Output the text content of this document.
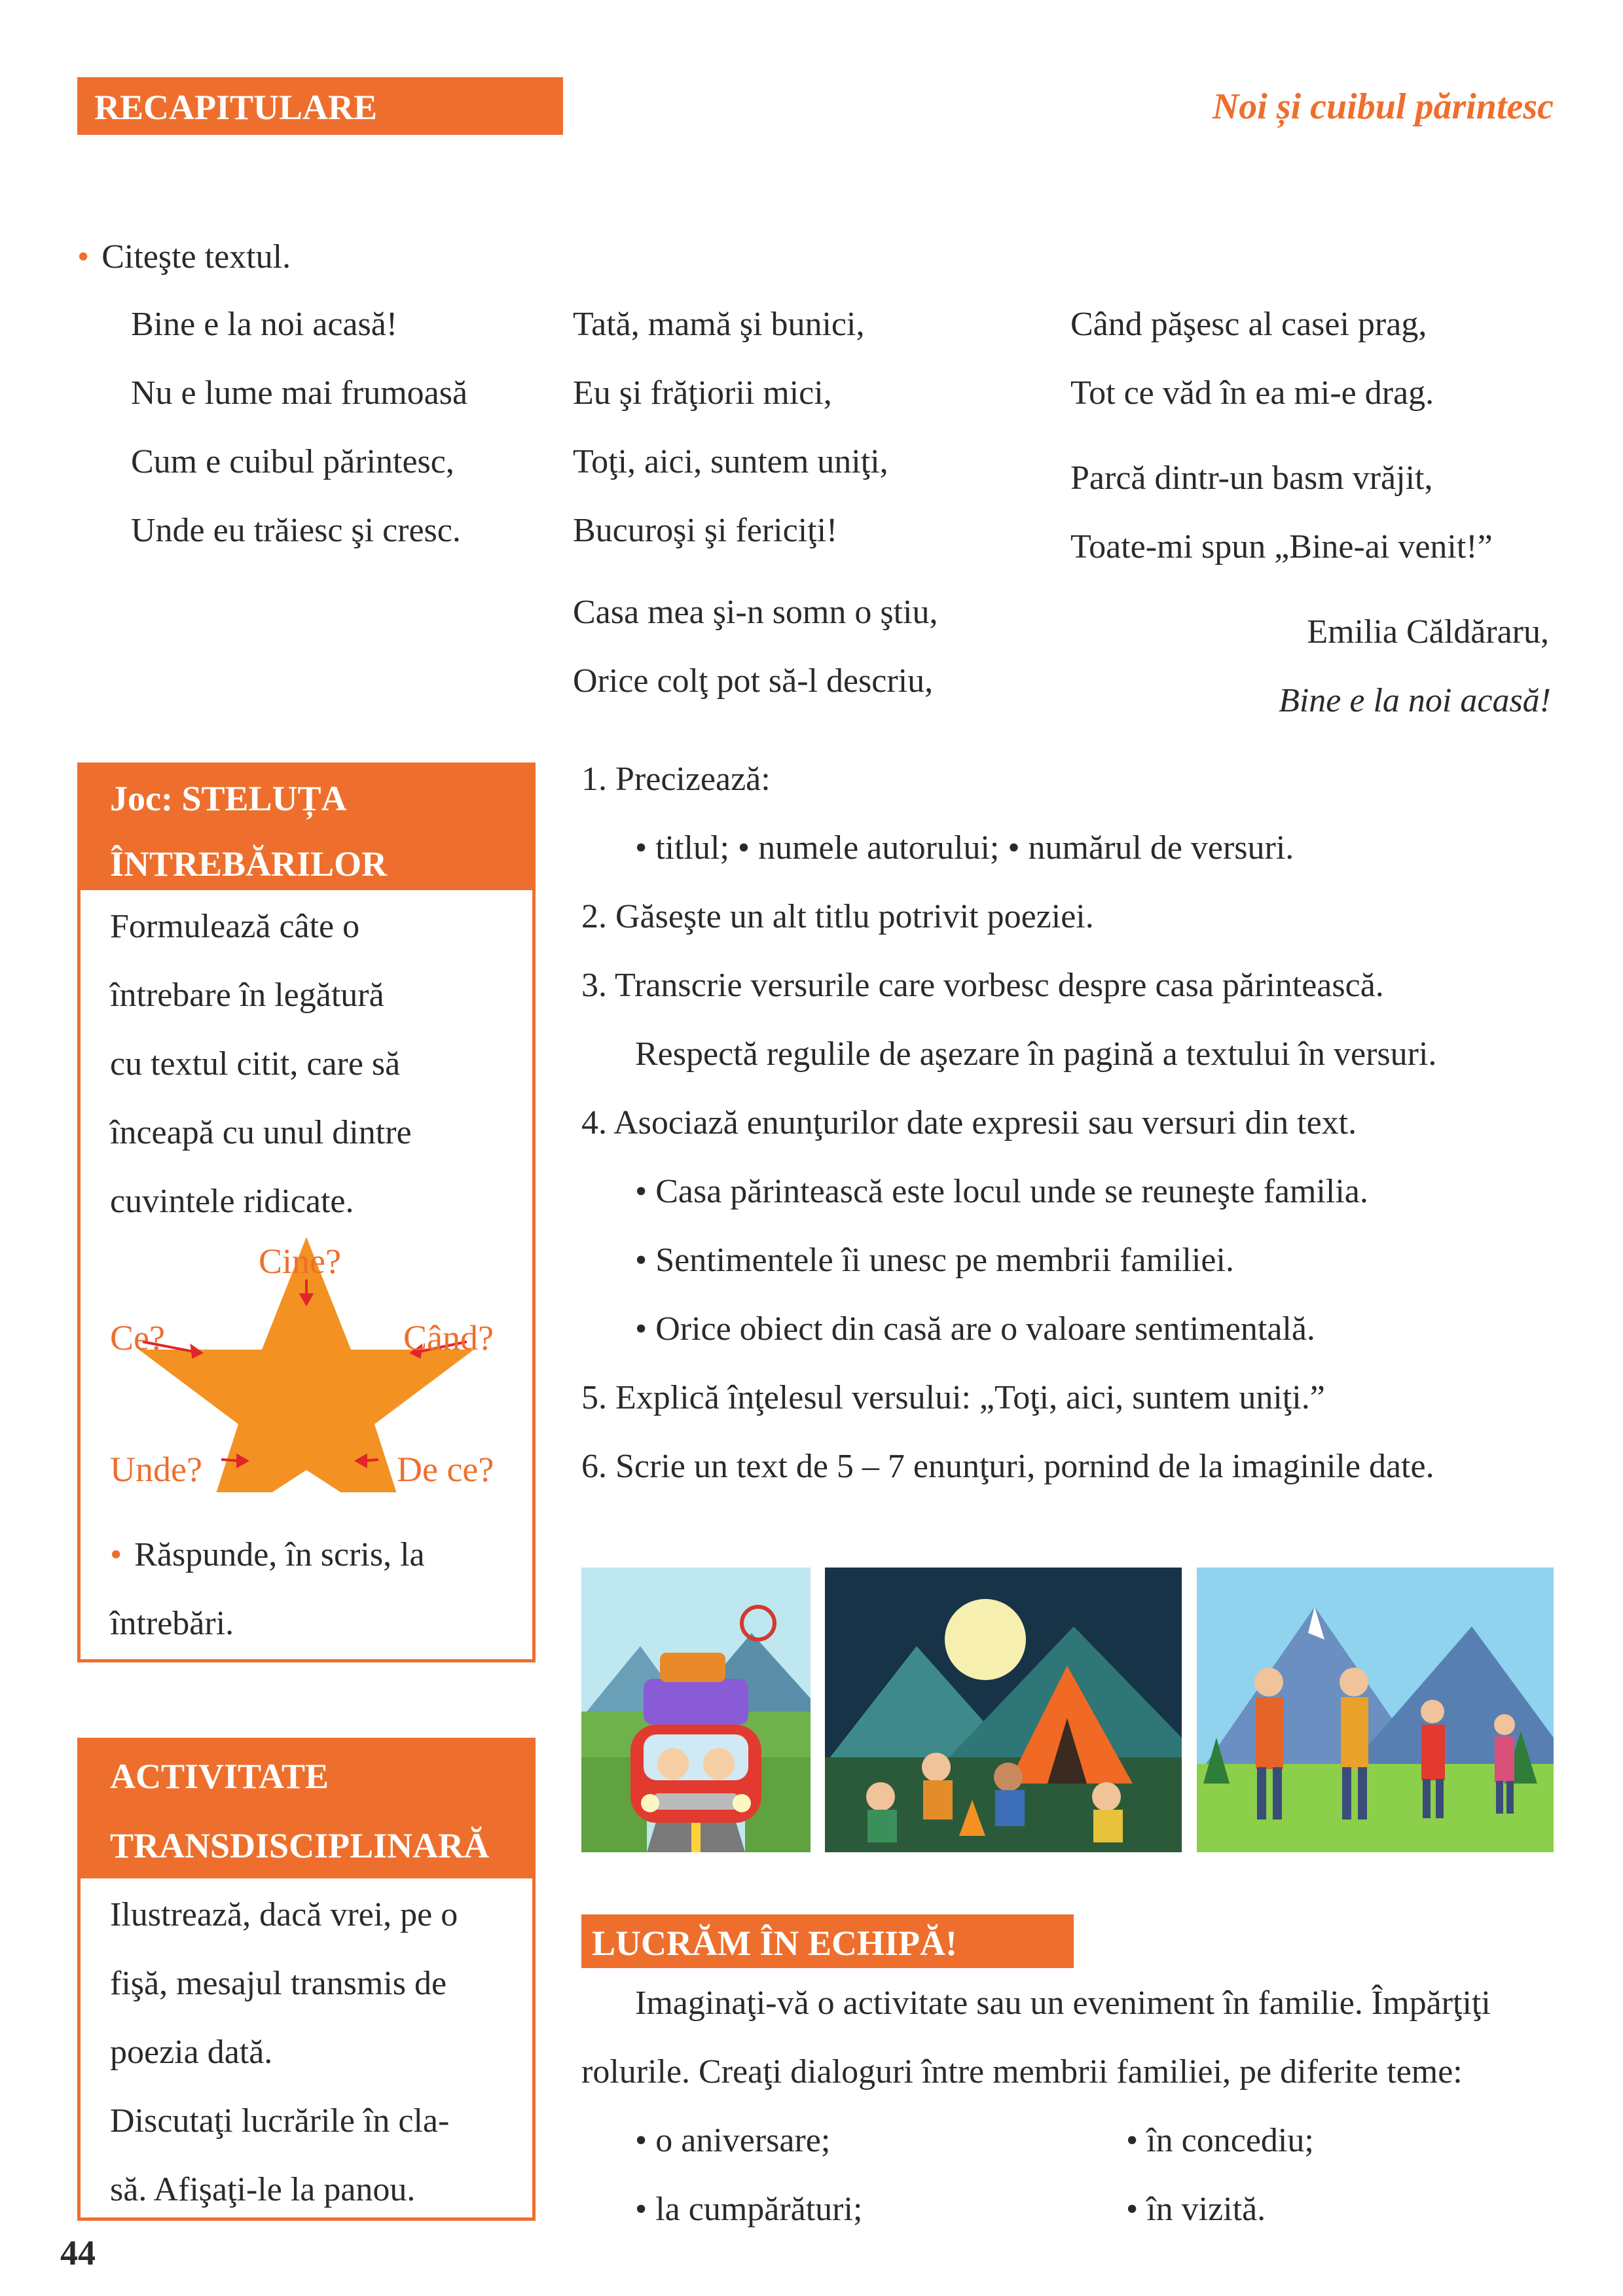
RECAPITULARE	Noi și cuibul părintesc
• Citeşte textul.
Bine e la noi acasă!
Nu e lume mai frumoasă
Cum e cuibul părintesc,
Unde eu trăiesc şi cresc.
Tată, mamă şi bunici,
Eu şi frăţiorii mici,
Toţi, aici, suntem uniţi,
Bucuroşi şi fericiţi!
Casa mea şi-n somn o ştiu,
Orice colţ pot să-l descriu,
Când păşesc al casei prag,
Tot ce văd în ea mi-e drag.
Parcă dintr-un basm vrăjit,
Toate-mi spun „Bine-ai venit!”
Emilia Căldăraru,
Bine e la noi acasă!
Joc: STELUȚA
ÎNTREBĂRILOR
Formulează câte o
întrebare în legătură
cu textul citit, care să
înceapă cu unul dintre
cuvintele ridicate.
Cine?
Ce?	Când?
Unde?	De ce?
• Răspunde, în scris, la
întrebări.
ACTIVITATE
TRANSDISCIPLINARĂ
Ilustrează, dacă vrei, pe o
fişă, mesajul transmis de
poezia dată.
Discutaţi lucrările în cla-
să. Afişaţi-le la panou.
1. Precizează:
• titlul; • numele autorului; • numărul de versuri.
2. Găseşte un alt titlu potrivit poeziei.
3. Transcrie versurile care vorbesc despre casa părintească.
Respectă regulile de aşezare în pagină a textului în versuri.
4. Asociază enunţurilor date expresii sau versuri din text.
• Casa părintească este locul unde se reuneşte familia.
• Sentimentele îi unesc pe membrii familiei.
• Orice obiect din casă are o valoare sentimentală.
5. Explică înţelesul versului: „Toţi, aici, suntem uniţi.”
6. Scrie un text de 5 – 7 enunţuri, pornind de la imaginile date.
LUCRĂM ÎN ECHIPĂ!
Imaginaţi-vă o activitate sau un eveniment în familie. Împărţiţi
rolurile. Creaţi dialoguri între membrii familiei, pe diferite teme:
• o aniversare;	• în concediu;
• la cumpărături;	• în vizită.
44
